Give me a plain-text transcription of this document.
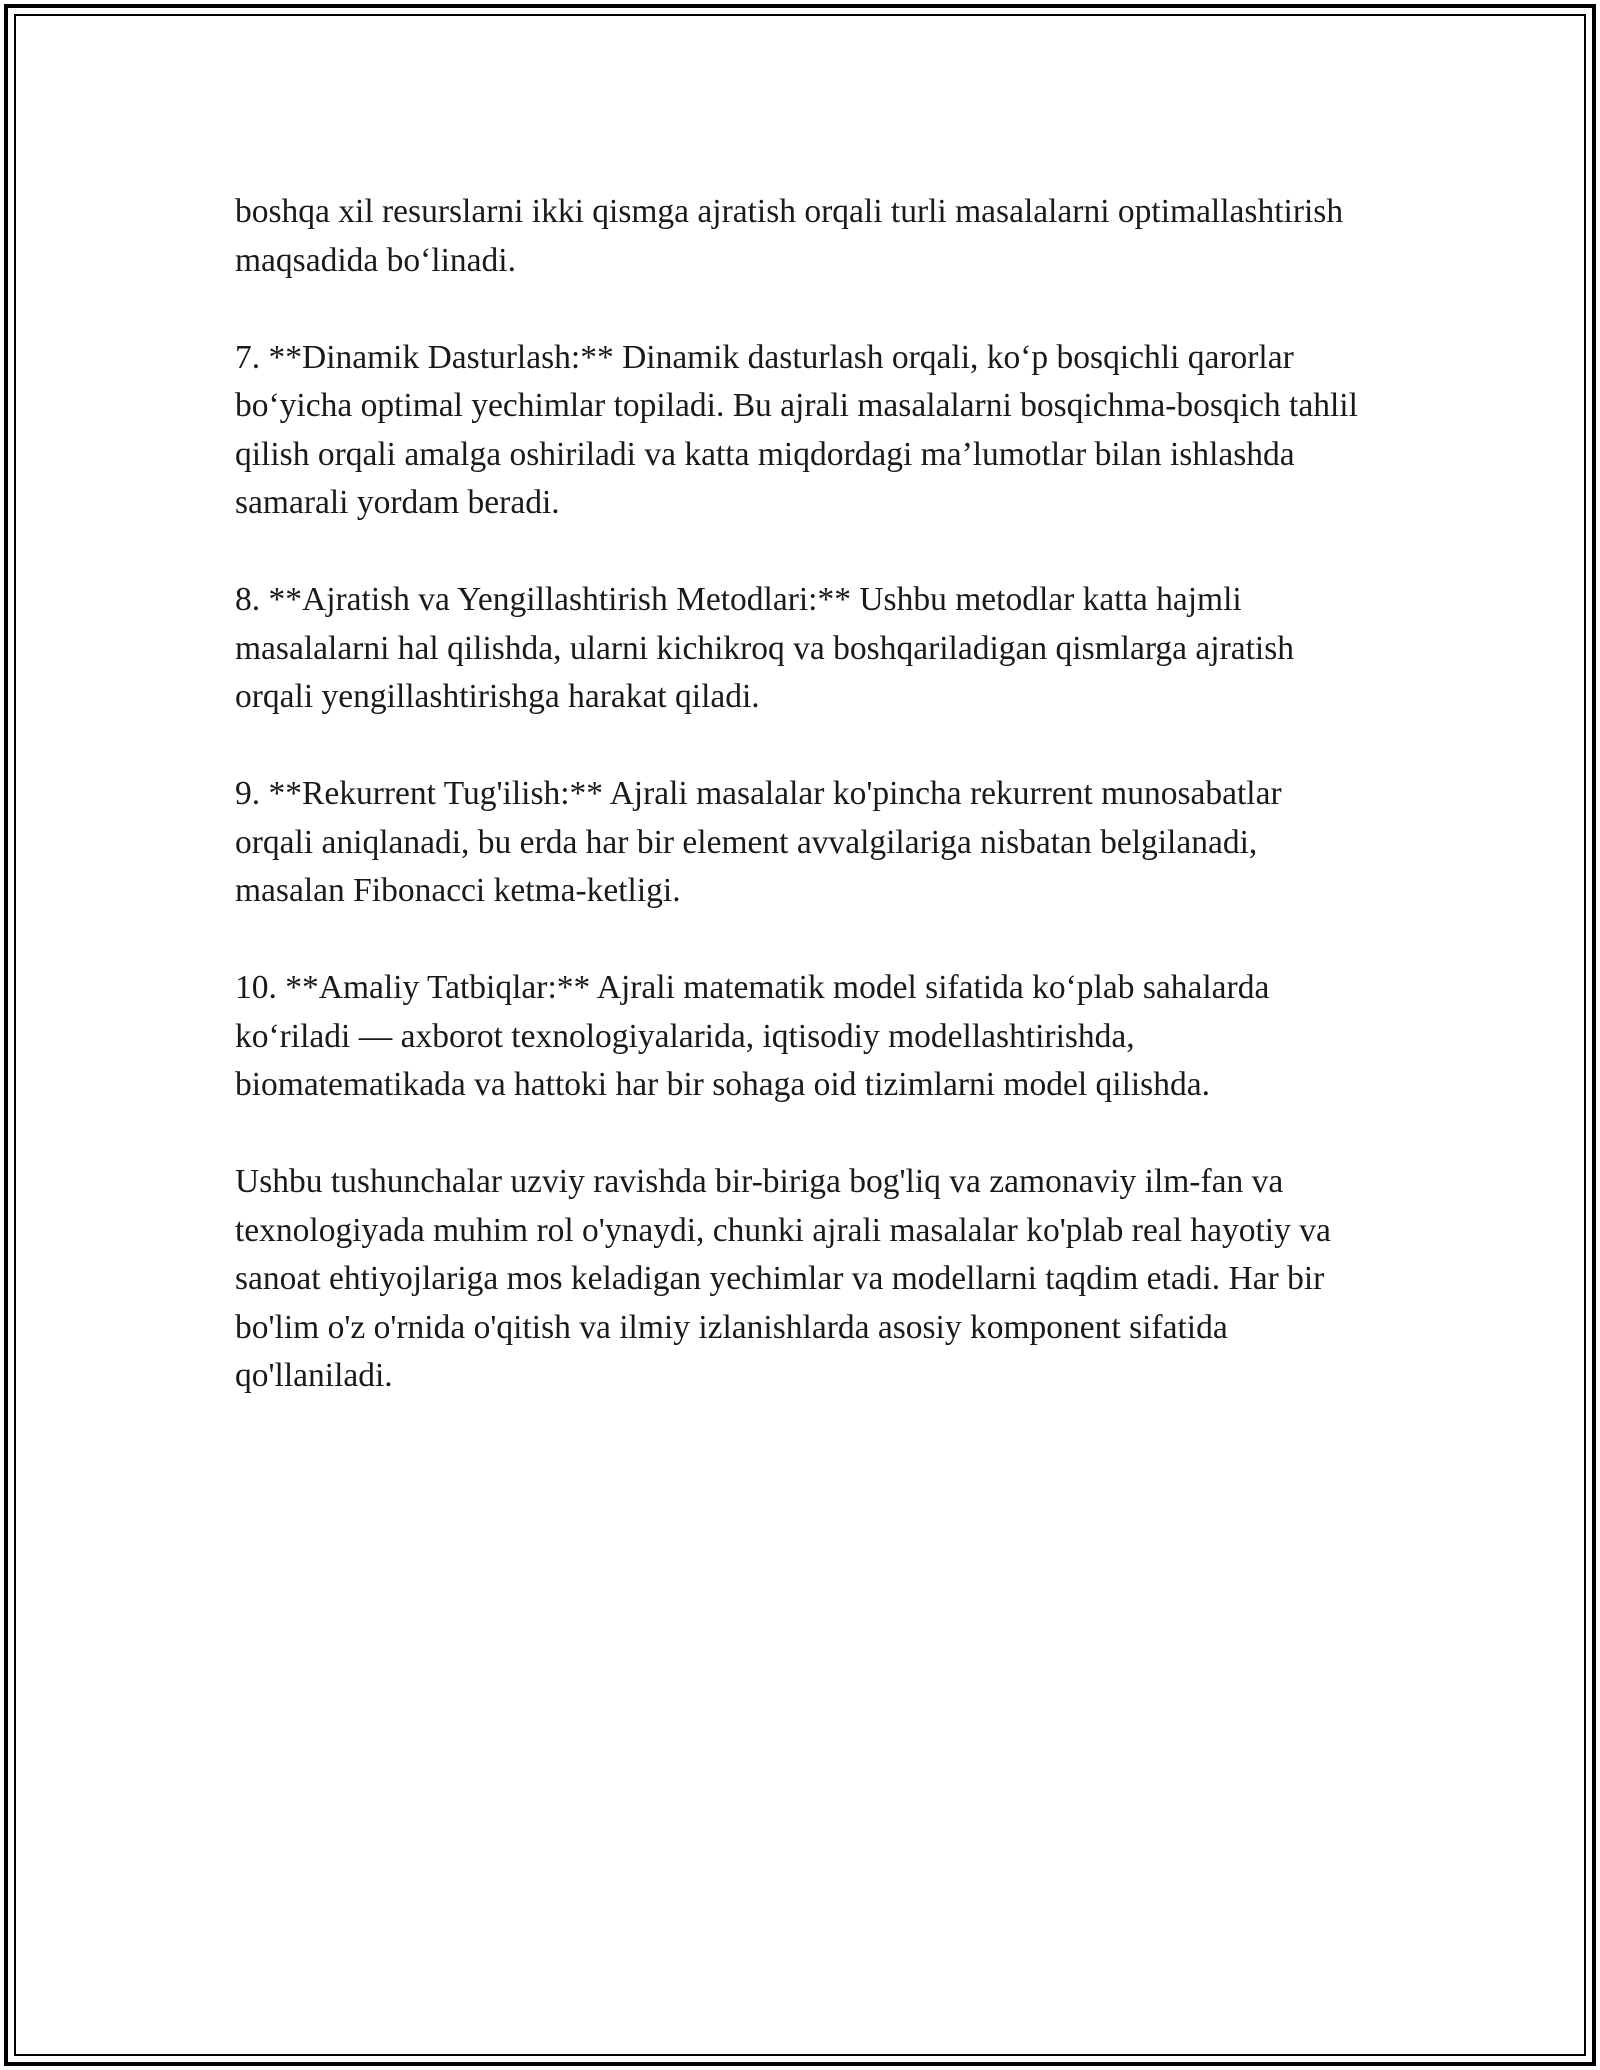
boshqa xil resurslarni ikki qismga ajratish orqali turli masalalarni optimallashtirish maqsadida bo‘linadi.

7. **Dinamik Dasturlash:** Dinamik dasturlash orqali, ko‘p bosqichli qarorlar bo‘yicha optimal yechimlar topiladi. Bu ajrali masalalarni bosqichma-bosqich tahlil qilish orqali amalga oshiriladi va katta miqdordagi ma’lumotlar bilan ishlashda samarali yordam beradi.

8. **Ajratish va Yengillashtirish Metodlari:** Ushbu metodlar katta hajmli masalalarni hal qilishda, ularni kichikroq va boshqariladigan qismlarga ajratish orqali yengillashtirishga harakat qiladi.

9. **Rekurrent Tug'ilish:** Ajrali masalalar ko'pincha rekurrent munosabatlar orqali aniqlanadi, bu erda har bir element avvalgilariga nisbatan belgilanadi, masalan Fibonacci ketma-ketligi.

10. **Amaliy Tatbiqlar:** Ajrali matematik model sifatida ko‘plab sahalarda ko‘riladi — axborot texnologiyalarida, iqtisodiy modellashtirishda, biomatematikada va hattoki har bir sohaga oid tizimlarni model qilishda.

Ushbu tushunchalar uzviy ravishda bir-biriga bog'liq va zamonaviy ilm-fan va texnologiyada muhim rol o'ynaydi, chunki ajrali masalalar ko'plab real hayotiy va sanoat ehtiyojlariga mos keladigan yechimlar va modellarni taqdim etadi. Har bir bo'lim o'z o'rnida o'qitish va ilmiy izlanishlarda asosiy komponent sifatida qo'llaniladi.
